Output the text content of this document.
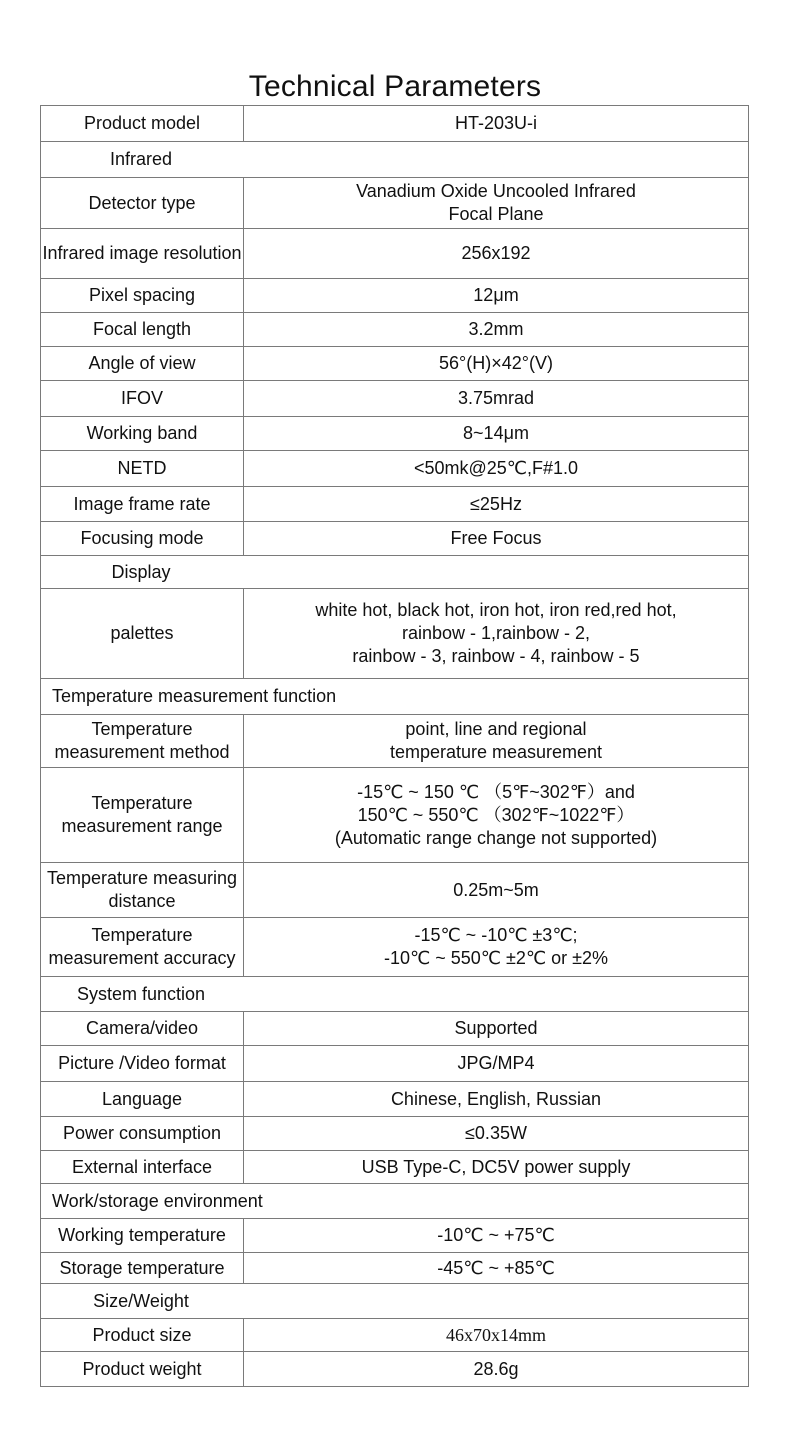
Technical Parameters
Product model	HT-203U-i

Infrared	
Detector type	Vanadium Oxide Uncooled Infrared
Focal Plane

Infrared image resolution	256x192

Pixel spacing	12μm

Focal length	3.2mm

Angle of view	56°(H)×42°(V)

IFOV	3.75mrad

Working band	8~14μm

NETD	<50mk@25℃,F#1.0

Image frame rate	≤25Hz

Focusing mode	Free Focus

Display	
palettes	white hot, black hot, iron hot, iron red,red hot,
rainbow - 1,rainbow - 2,
rainbow - 3, rainbow - 4, rainbow - 5

Temperature measurement function	
Temperature measurement method	point, line and regional
temperature measurement

Temperature measurement range	-15℃ ~ 150 ℃ （5℉~302℉）and
150℃ ~ 550℃ （302℉~1022℉）
(Automatic range change not supported)

Temperature measuring distance	0.25m~5m

Temperature measurement accuracy	-15℃ ~ -10℃ ±3℃;
-10℃ ~ 550℃ ±2℃ or ±2%

System function	
Camera/video	Supported

Picture /Video format	JPG/MP4

Language	Chinese, English, Russian

Power consumption	≤0.35W

External interface	USB Type-C, DC5V power supply

Work/storage environment	
Working temperature	-10℃ ~ +75℃

Storage temperature	-45℃ ~ +85℃

Size/Weight	
Product size	46x70x14mm

Product weight	28.6g
